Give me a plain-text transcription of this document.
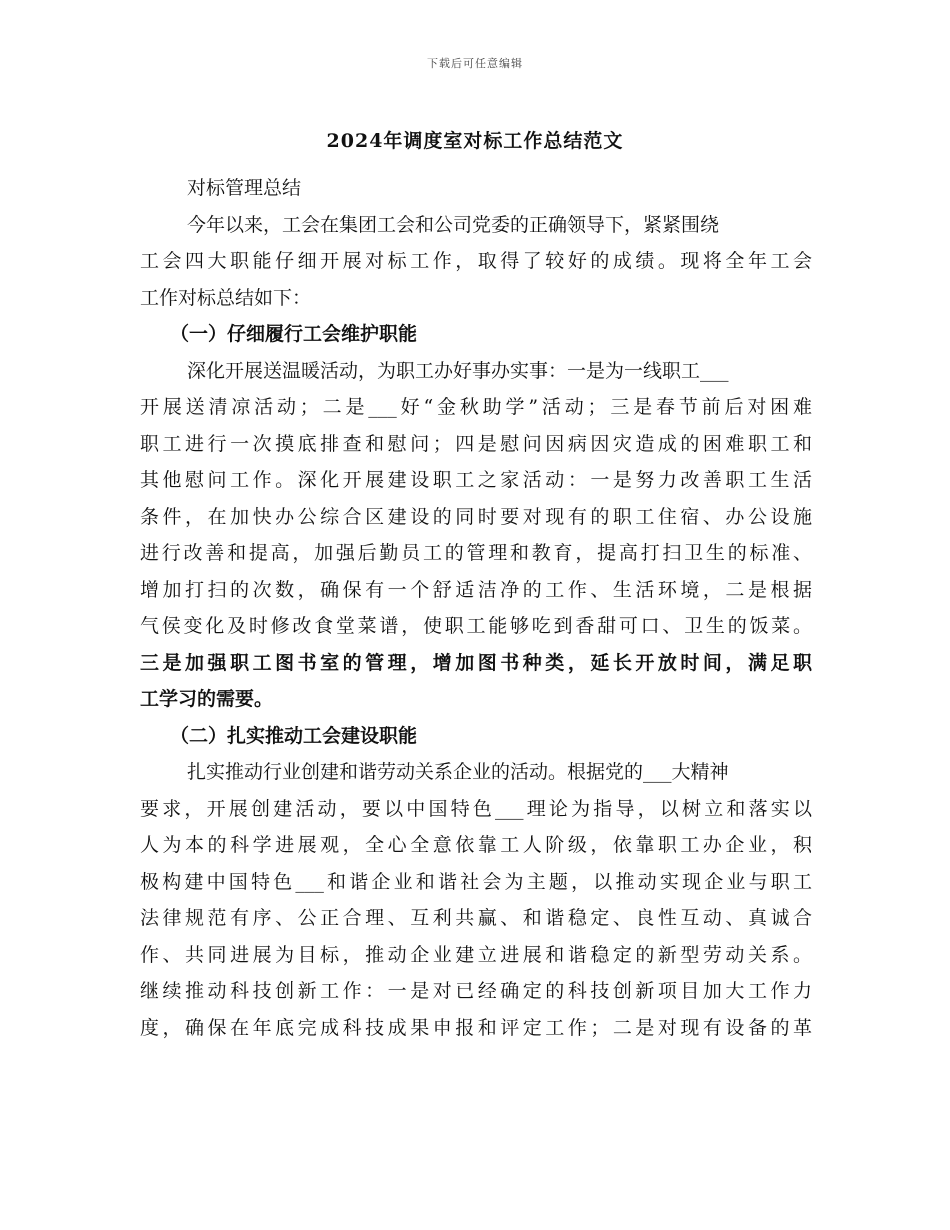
下载后可任意编辑
2024年调度室对标工作总结范文
对标管理总结
今年以来，工会在集团工会和公司党委的正确领导下，紧紧围绕
工会四大职能仔细开展对标工作，取得了较好的成绩。现将全年工会
工作对标总结如下：
（一）仔细履行工会维护职能
深化开展送温暖活动，为职工办好事办实事：一是为一线职工___
开展送清凉活动；二是___好“金秋助学”活动；三是春节前后对困难
职工进行一次摸底排查和慰问；四是慰问因病因灾造成的困难职工和
其他慰问工作。深化开展建设职工之家活动：一是努力改善职工生活
条件，在加快办公综合区建设的同时要对现有的职工住宿、办公设施
进行改善和提高，加强后勤员工的管理和教育，提高打扫卫生的标准、
增加打扫的次数，确保有一个舒适洁净的工作、生活环境，二是根据
气侯变化及时修改食堂菜谱，使职工能够吃到香甜可口、卫生的饭菜。
三是加强职工图书室的管理，增加图书种类，延长开放时间，满足职
工学习的需要。
（二）扎实推动工会建设职能
扎实推动行业创建和谐劳动关系企业的活动。根据党的___大精神
要求，开展创建活动，要以中国特色___理论为指导，以树立和落实以
人为本的科学进展观，全心全意依靠工人阶级，依靠职工办企业，积
极构建中国特色___和谐企业和谐社会为主题，以推动实现企业与职工
法律规范有序、公正合理、互利共赢、和谐稳定、良性互动、真诚合
作、共同进展为目标，推动企业建立进展和谐稳定的新型劳动关系。
继续推动科技创新工作：一是对已经确定的科技创新项目加大工作力
度，确保在年底完成科技成果申报和评定工作；二是对现有设备的革
